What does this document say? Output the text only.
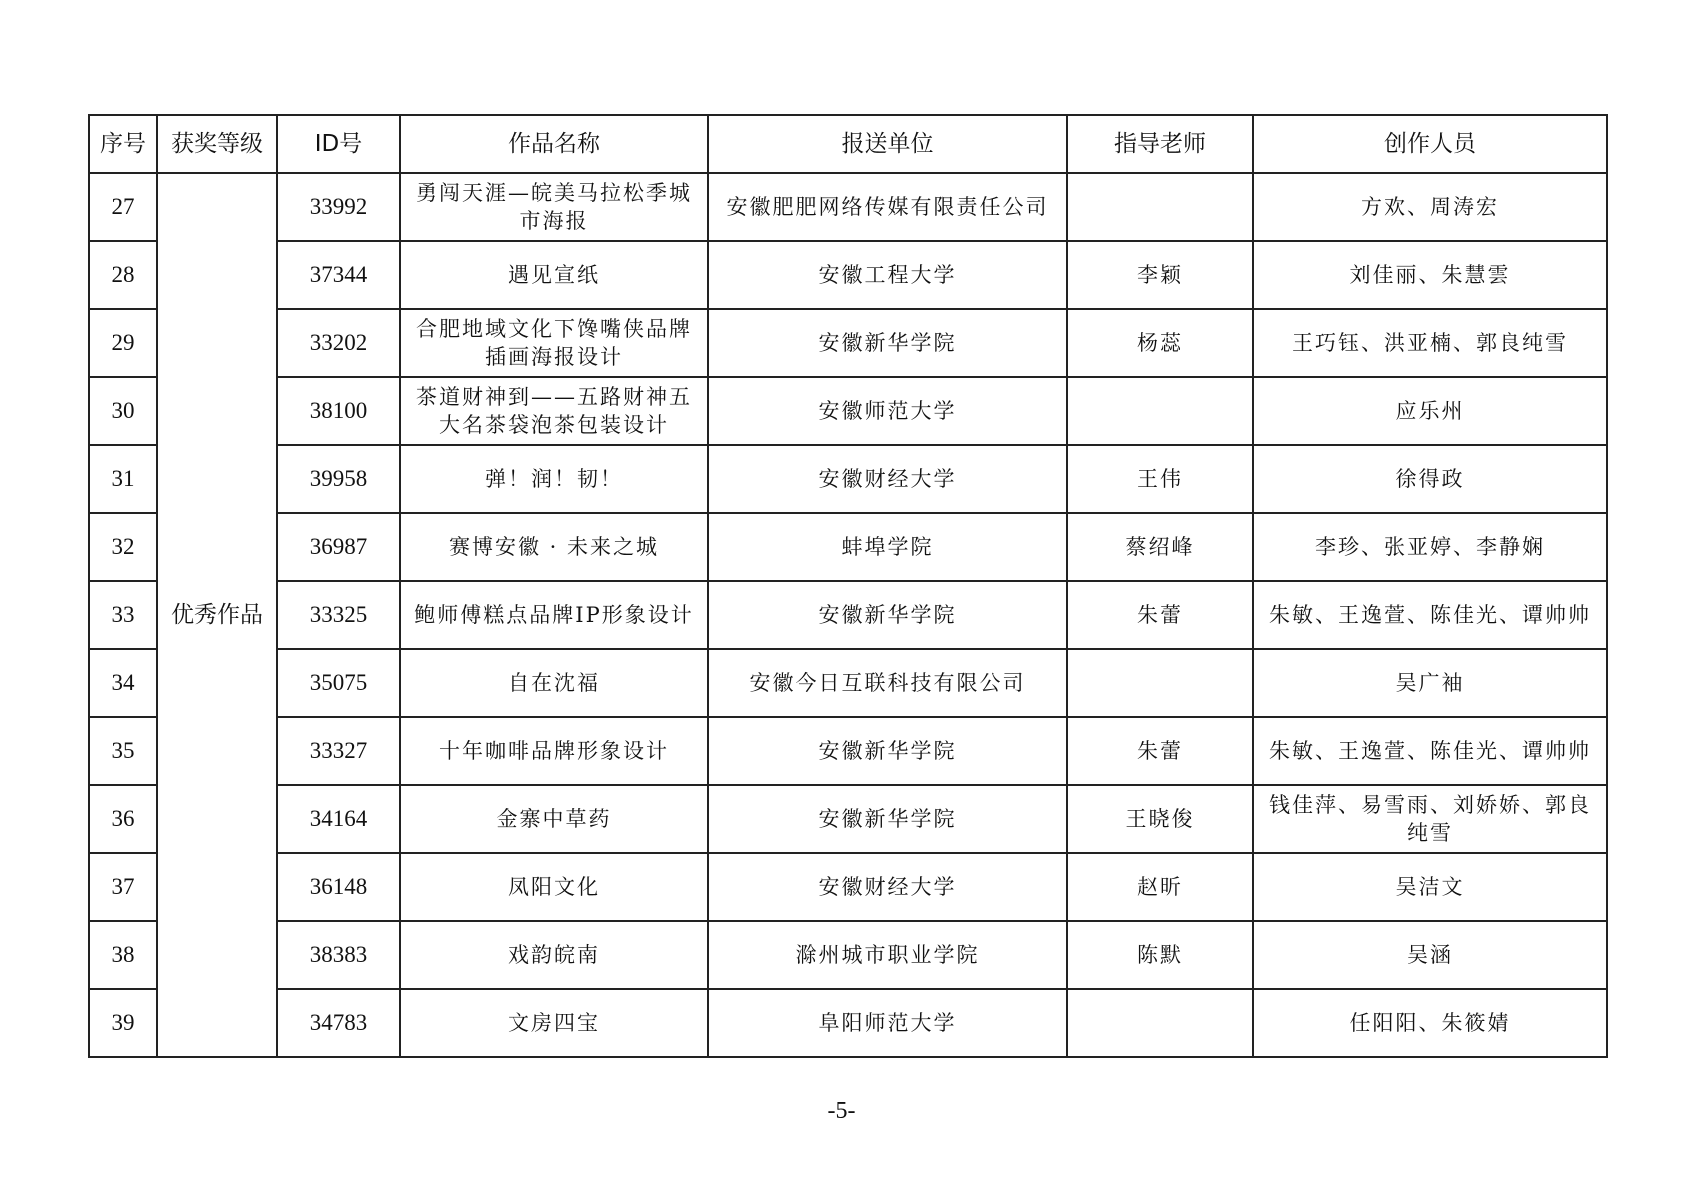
序号	获奖等级	ID号	作品名称	报送单位	指导老师	创作人员
27	优秀作品	33992	勇闯天涯—皖美马拉松季城市海报	安徽肥肥网络传媒有限责任公司		方欢、周涛宏
28		37344	遇见宣纸	安徽工程大学	李颖	刘佳丽、朱慧雲
29		33202	合肥地域文化下馋嘴侠品牌插画海报设计	安徽新华学院	杨蕊	王巧钰、洪亚楠、郭良纯雪
30		38100	茶道财神到——五路财神五大名茶袋泡茶包装设计	安徽师范大学		应乐州
31		39958	弹！润！韧！	安徽财经大学	王伟	徐得政
32		36987	赛博安徽 · 未来之城	蚌埠学院	蔡绍峰	李珍、张亚婷、李静娴
33		33325	鲍师傅糕点品牌IP形象设计	安徽新华学院	朱蕾	朱敏、王逸萱、陈佳光、谭帅帅
34		35075	自在沈福	安徽今日互联科技有限公司		吴广袖
35		33327	十年咖啡品牌形象设计	安徽新华学院	朱蕾	朱敏、王逸萱、陈佳光、谭帅帅
36		34164	金寨中草药	安徽新华学院	王晓俊	钱佳萍、易雪雨、刘娇娇、郭良纯雪
37		36148	凤阳文化	安徽财经大学	赵昕	吴洁文
38		38383	戏韵皖南	滁州城市职业学院	陈默	吴涵
39		34783	文房四宝	阜阳师范大学		任阳阳、朱筱婧
-5-
